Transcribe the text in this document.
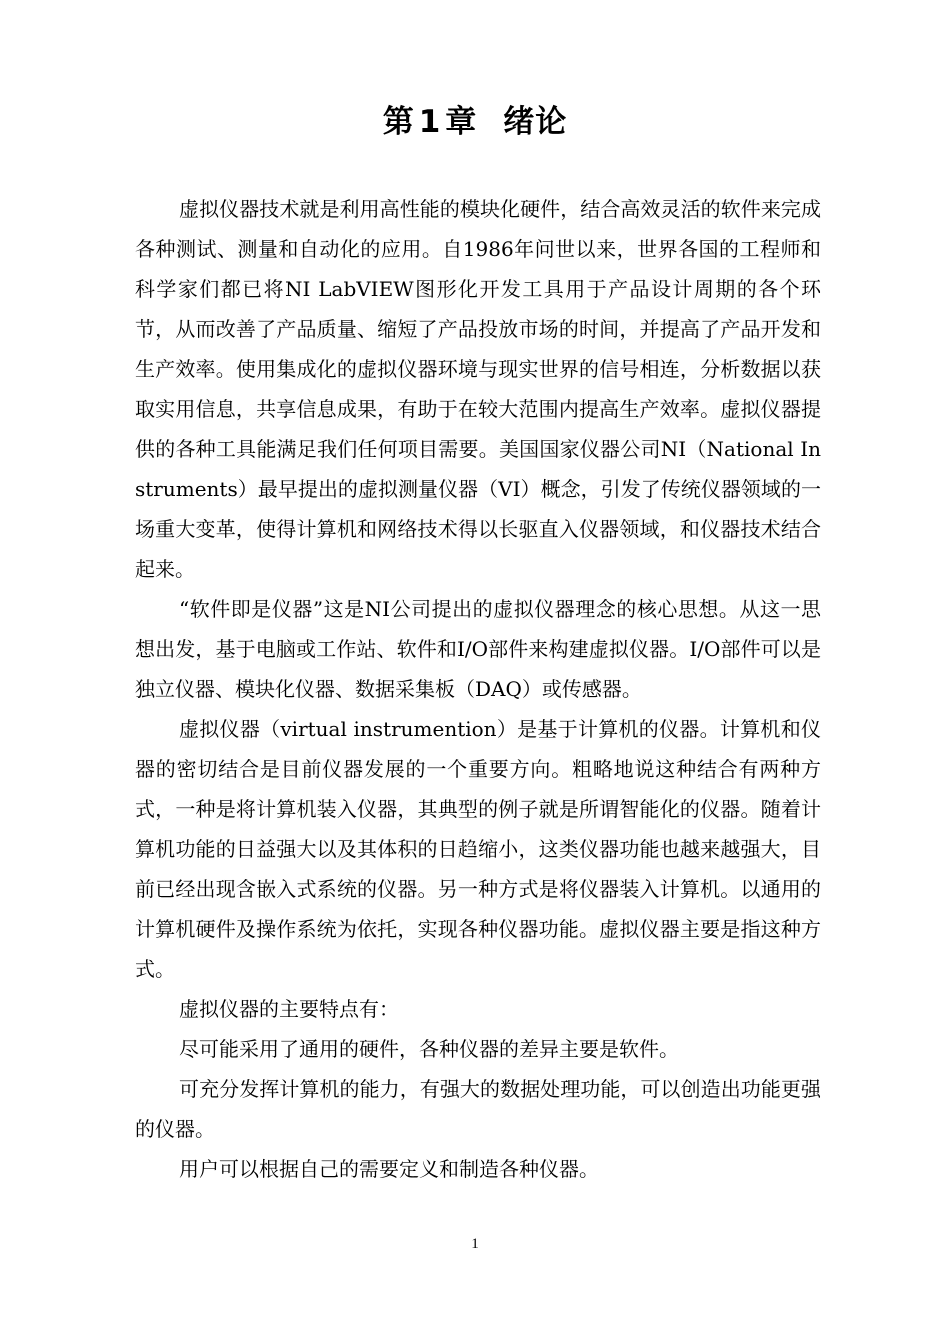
第 1 章 绪论

虚拟仪器技术就是利用高性能的模块化硬件，结合高效灵活的软件来完成各种测试、测量和自动化的应用。自1986年问世以来，世界各国的工程师和科学家们都已将NI LabVIEW图形化开发工具用于产品设计周期的各个环节，从而改善了产品质量、缩短了产品投放市场的时间，并提高了产品开发和生产效率。使用集成化的虚拟仪器环境与现实世界的信号相连，分析数据以获取实用信息，共享信息成果，有助于在较大范围内提高生产效率。虚拟仪器提供的各种工具能满足我们任何项目需要。美国国家仪器公司NI（National Instruments）最早提出的虚拟测量仪器（VI）概念，引发了传统仪器领域的一场重大变革，使得计算机和网络技术得以长驱直入仪器领域，和仪器技术结合起来。

“软件即是仪器”这是NI公司提出的虚拟仪器理念的核心思想。从这一思想出发，基于电脑或工作站、软件和I/O部件来构建虚拟仪器。I/O部件可以是独立仪器、模块化仪器、数据采集板（DAQ）或传感器。

虚拟仪器（virtual instrumention）是基于计算机的仪器。计算机和仪器的密切结合是目前仪器发展的一个重要方向。粗略地说这种结合有两种方式，一种是将计算机装入仪器，其典型的例子就是所谓智能化的仪器。随着计算机功能的日益强大以及其体积的日趋缩小，这类仪器功能也越来越强大，目前已经出现含嵌入式系统的仪器。另一种方式是将仪器装入计算机。以通用的计算机硬件及操作系统为依托，实现各种仪器功能。虚拟仪器主要是指这种方式。

虚拟仪器的主要特点有：

尽可能采用了通用的硬件，各种仪器的差异主要是软件。

可充分发挥计算机的能力，有强大的数据处理功能，可以创造出功能更强的仪器。

用户可以根据自己的需要定义和制造各种仪器。

1
